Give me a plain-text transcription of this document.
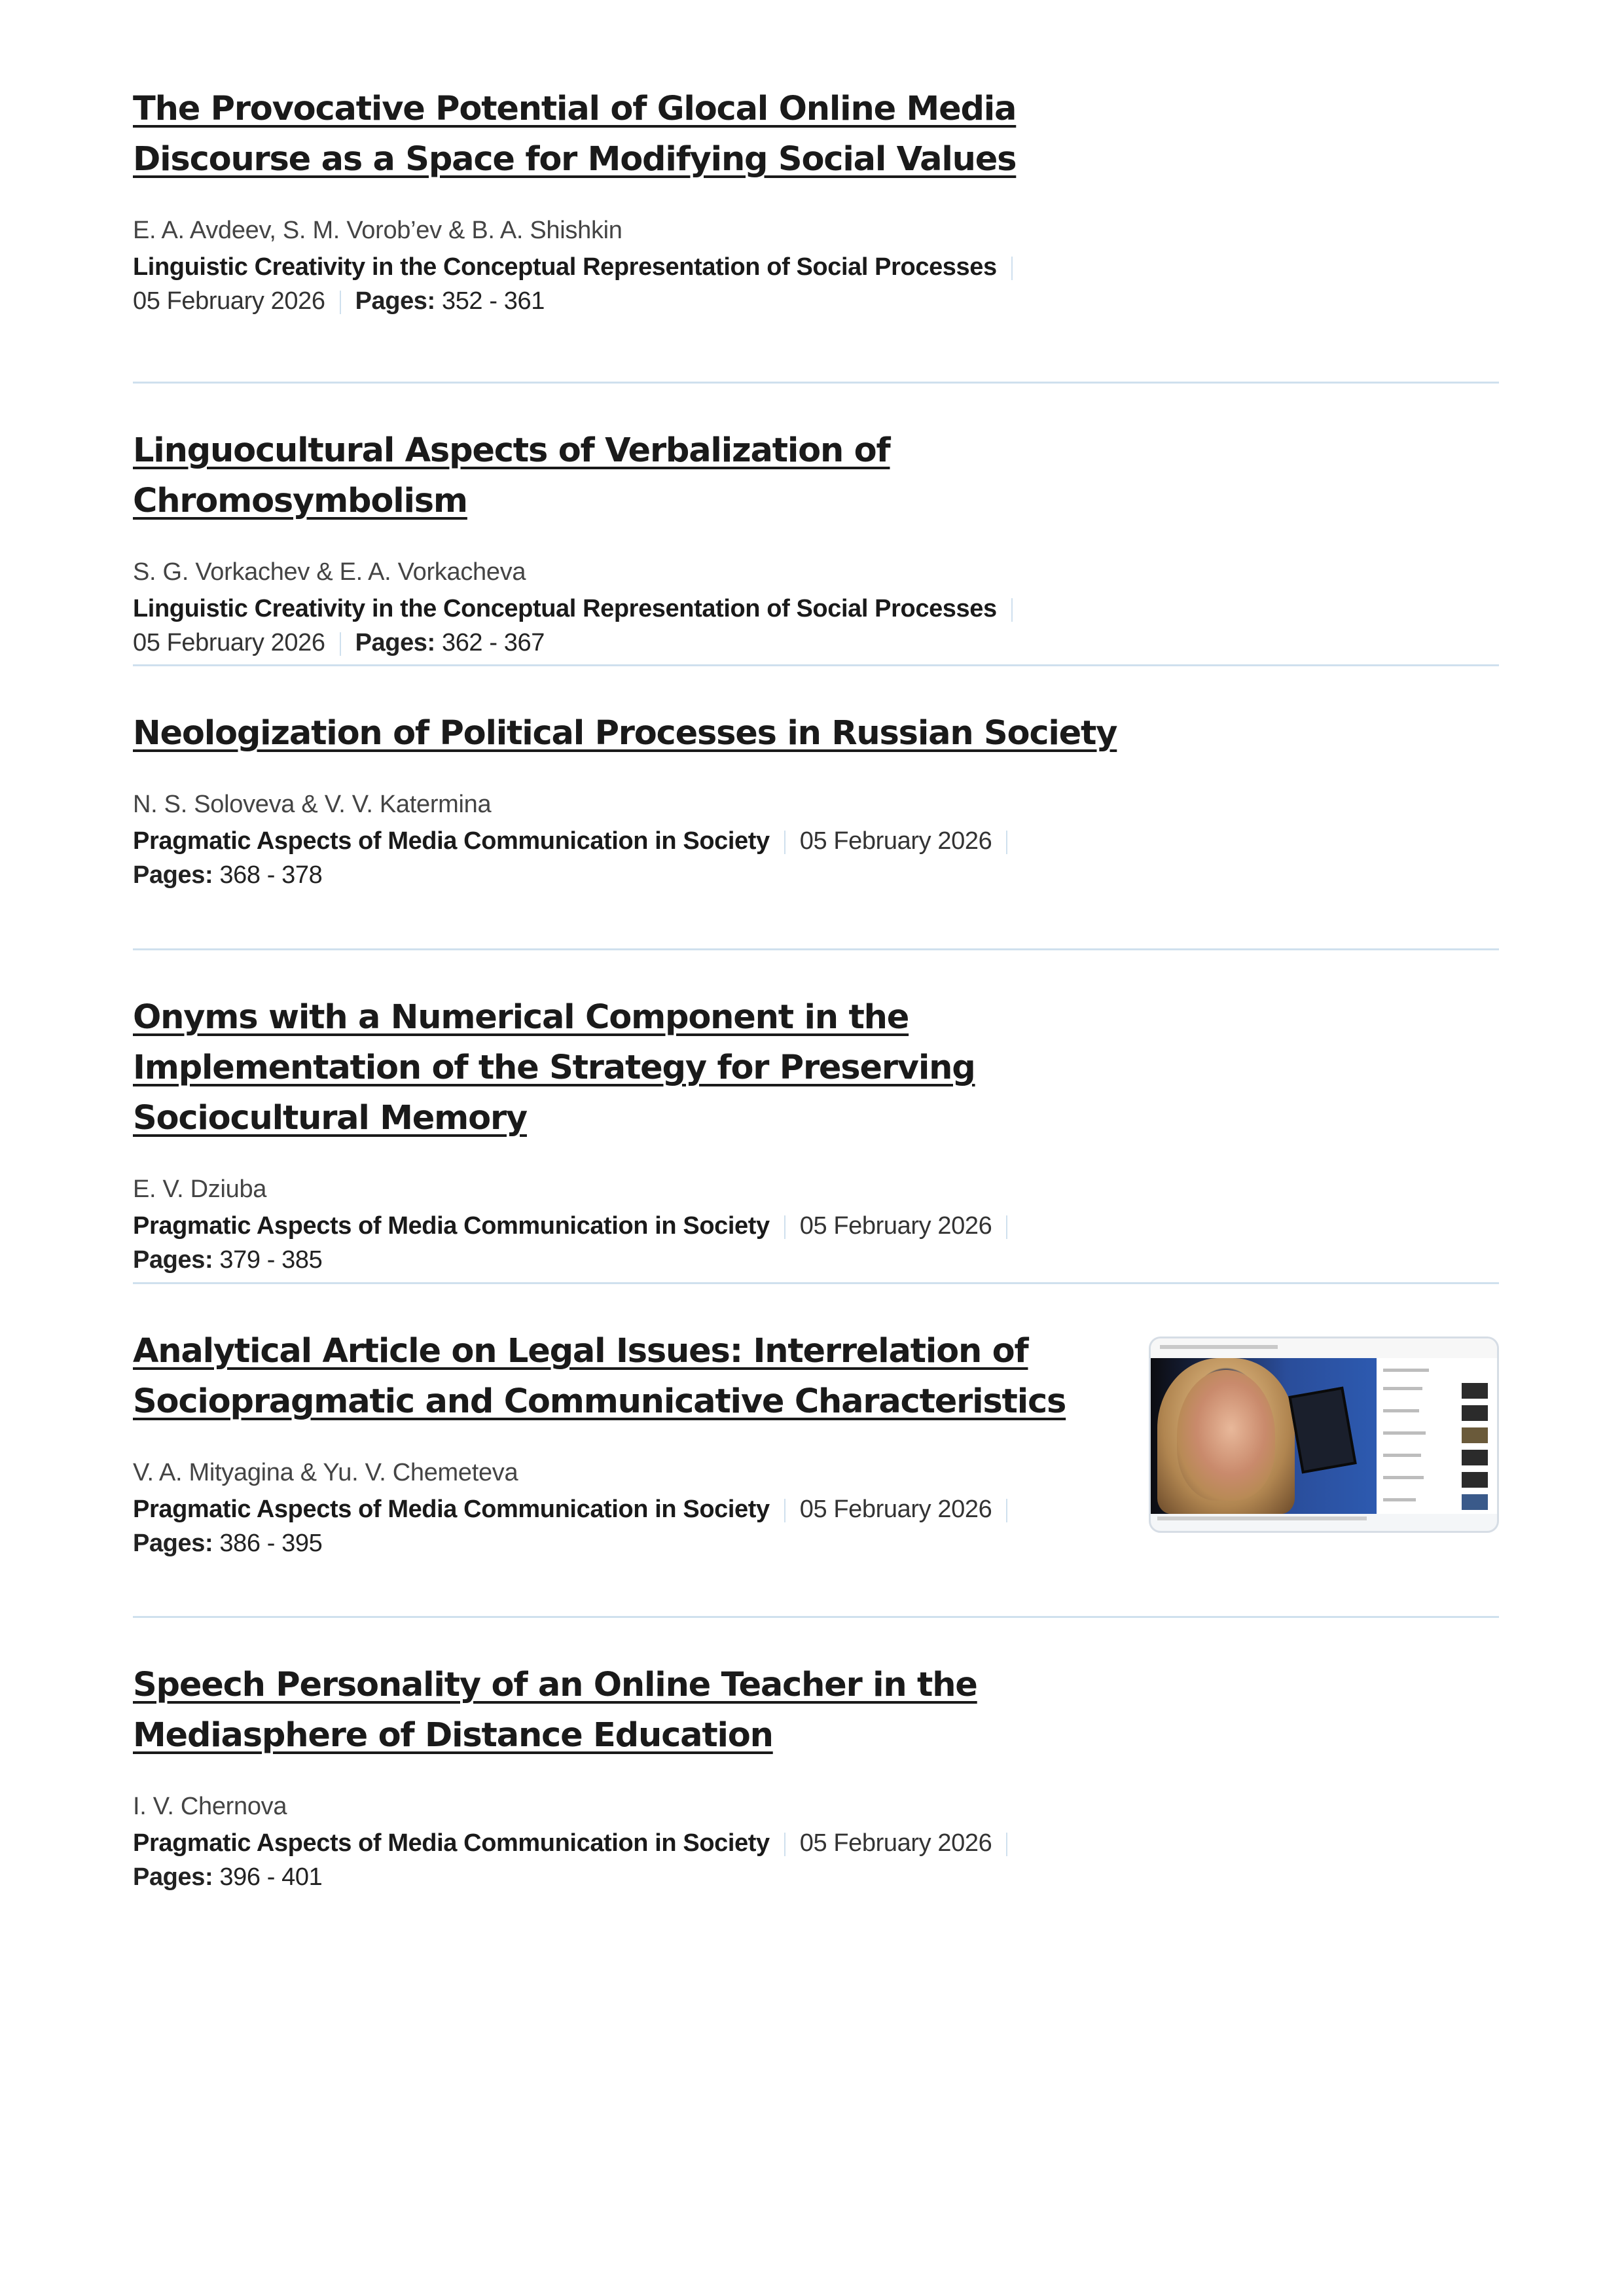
The Provocative Potential of Glocal Online Media Discourse as a Space for Modifying Social Values
E. A. Avdeev, S. M. Vorob’ev & B. A. Shishkin
Linguistic Creativity in the Conceptual Representation of Social Processes
05 February 2026 Pages: 352 - 361
Linguocultural Aspects of Verbalization of Chromosymbolism
S. G. Vorkachev & E. A. Vorkacheva
Linguistic Creativity in the Conceptual Representation of Social Processes
05 February 2026 Pages: 362 - 367
Neologization of Political Processes in Russian Society
N. S. Soloveva & V. V. Katermina
Pragmatic Aspects of Media Communication in Society 05 February 2026
Pages: 368 - 378
Onyms with a Numerical Component in the Implementation of the Strategy for Preserving Sociocultural Memory
E. V. Dziuba
Pragmatic Aspects of Media Communication in Society 05 February 2026
Pages: 379 - 385
Analytical Article on Legal Issues: Interrelation of Sociopragmatic and Communicative Characteristics
V. A. Mityagina & Yu. V. Chemeteva
Pragmatic Aspects of Media Communication in Society 05 February 2026
Pages: 386 - 395
Speech Personality of an Online Teacher in the Mediasphere of Distance Education
I. V. Chernova
Pragmatic Aspects of Media Communication in Society 05 February 2026
Pages: 396 - 401
